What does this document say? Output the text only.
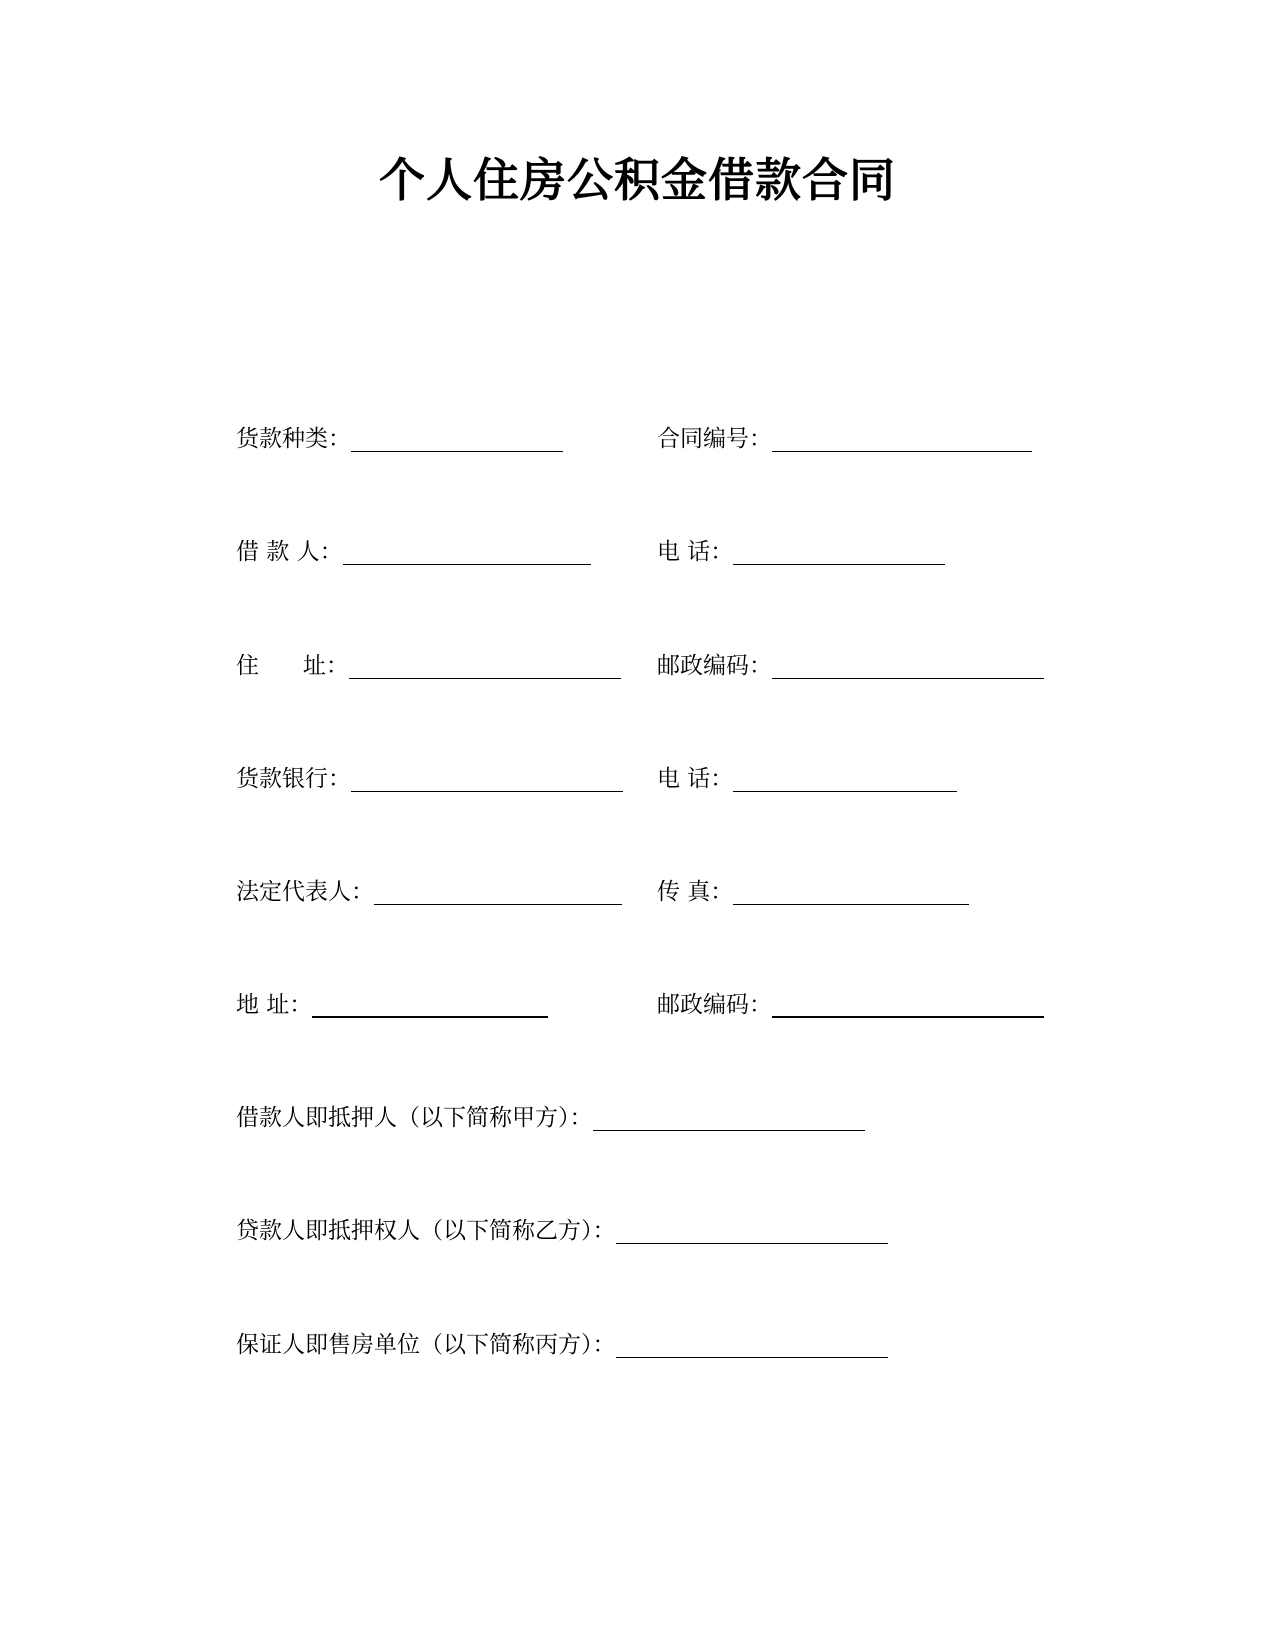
个人住房公积金借款合同
货款种类：	合同编号：
借 款 人：	电 话：
住      址：	邮政编码：
货款银行：	电 话：
法定代表人：	传 真：
地 址：	邮政编码：
借款人即抵押人（以下简称甲方）：
贷款人即抵押权人（以下简称乙方）：
保证人即售房单位（以下简称丙方）：
